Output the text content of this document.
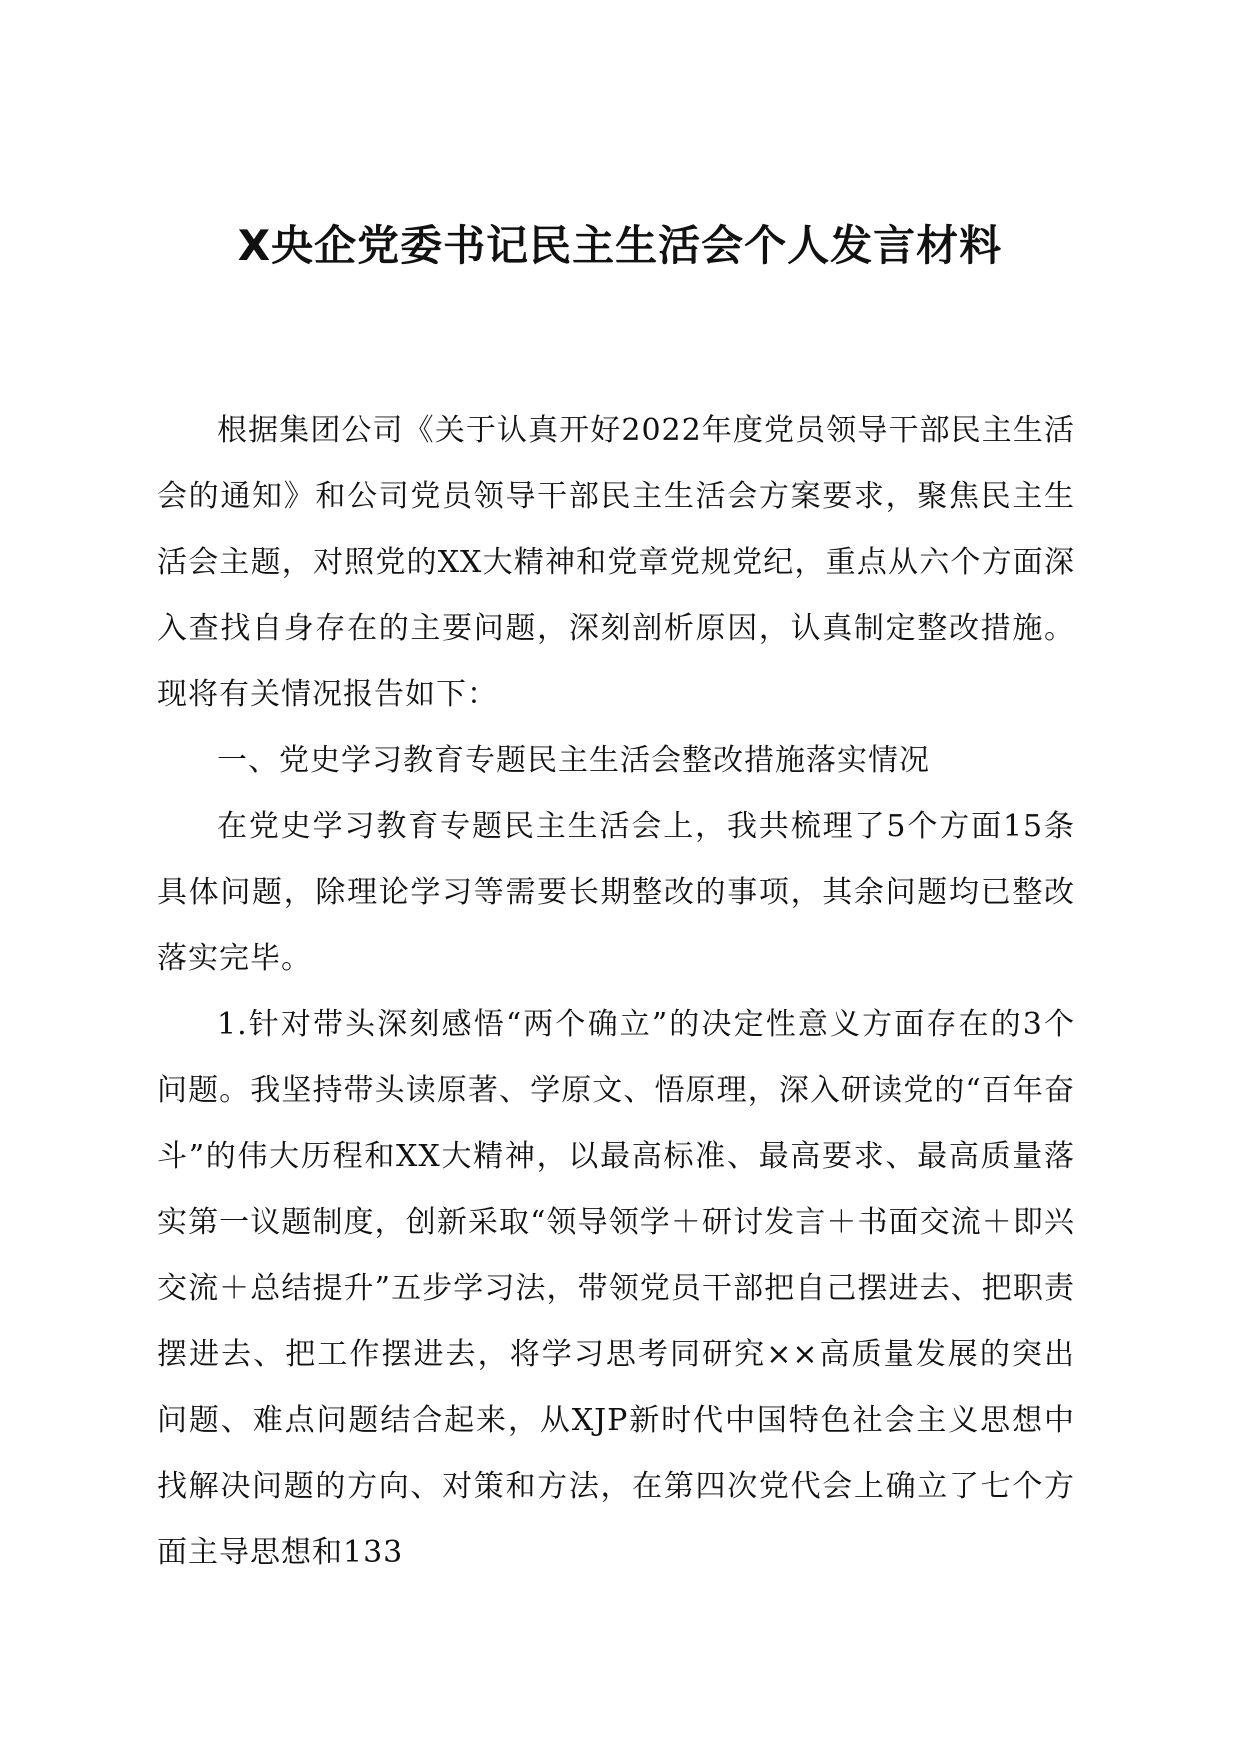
X央企党委书记民主生活会个人发言材料

根据集团公司《关于认真开好2022年度党员领导干部民主生活会的通知》和公司党员领导干部民主生活会方案要求，聚焦民主生活会主题，对照党的XX大精神和党章党规党纪，重点从六个方面深入查找自身存在的主要问题，深刻剖析原因，认真制定整改措施。现将有关情况报告如下：

一、党史学习教育专题民主生活会整改措施落实情况

在党史学习教育专题民主生活会上，我共梳理了5个方面15条具体问题，除理论学习等需要长期整改的事项，其余问题均已整改落实完毕。

1.针对带头深刻感悟“两个确立”的决定性意义方面存在的3个问题。我坚持带头读原著、学原文、悟原理，深入研读党的“百年奋斗”的伟大历程和XX大精神，以最高标准、最高要求、最高质量落实第一议题制度，创新采取“领导领学＋研讨发言＋书面交流＋即兴交流＋总结提升”五步学习法，带领党员干部把自己摆进去、把职责摆进去、把工作摆进去，将学习思考同研究××高质量发展的突出问题、难点问题结合起来，从XJP新时代中国特色社会主义思想中找解决问题的方向、对策和方法，在第四次党代会上确立了七个方面主导思想和133
